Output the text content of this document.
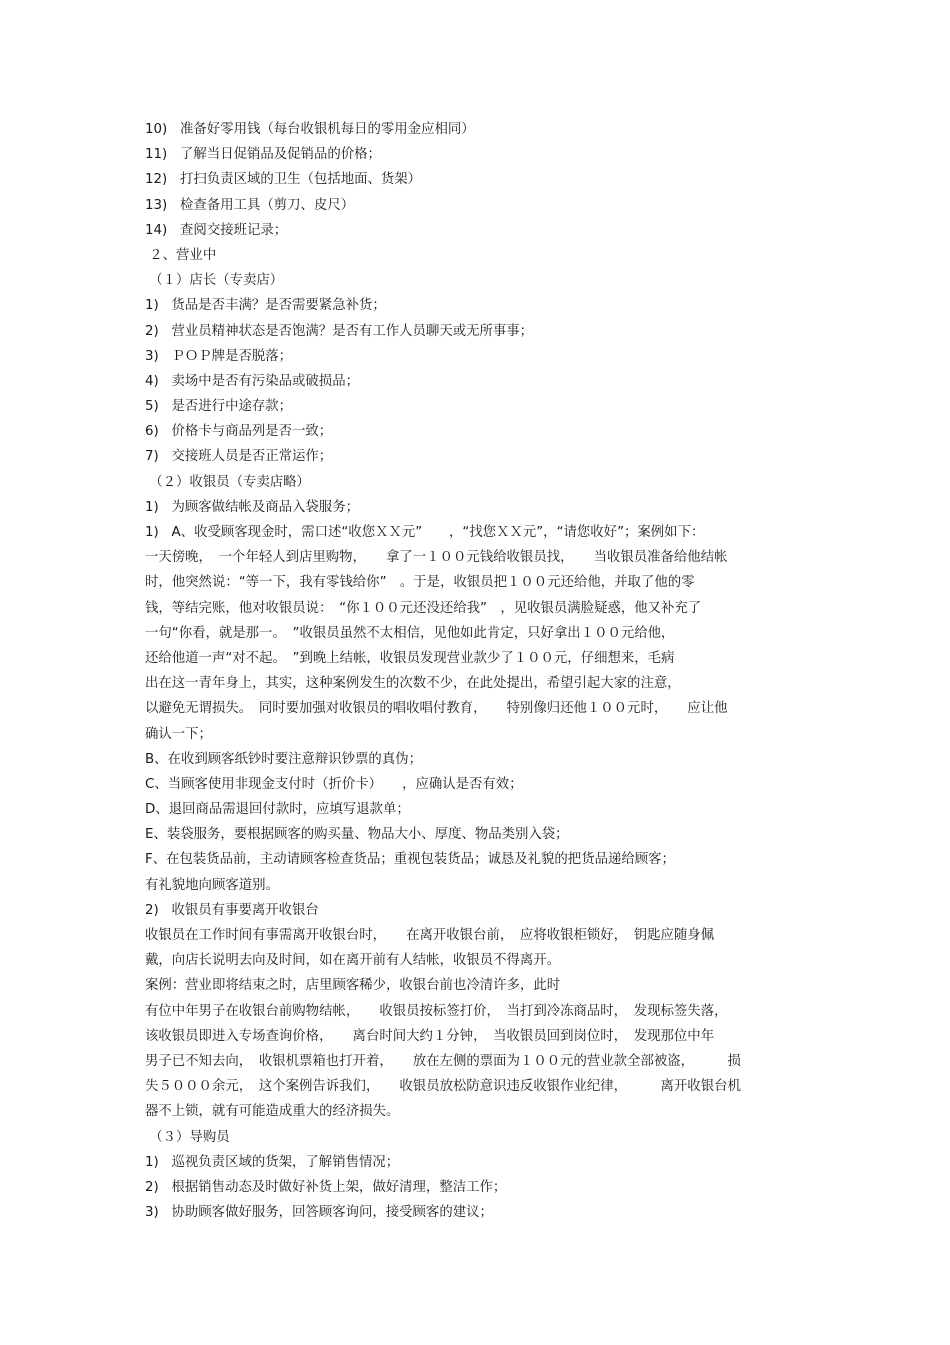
10)   准备好零用钱（每台收银机每日的零用金应相同）
11)   了解当日促销品及促销品的价格；
12)   打扫负责区域的卫生（包括地面、货架）
13)   检查备用工具（剪刀、皮尺）
14)   查阅交接班记录；
２、营业中
（１）店长（专卖店）
1)   货品是否丰满？是否需要紧急补货；
2)   营业员精神状态是否饱满？是否有工作人员聊天或无所事事；
3)   ＰＯＰ牌是否脱落；
4)   卖场中是否有污染品或破损品；
5)   是否进行中途存款；
6)   价格卡与商品列是否一致；
7)   交接班人员是否正常运作；
（２）收银员（专卖店略）
1)   为顾客做结帐及商品入袋服务；
1)   A、收受顾客现金时，需口述“收您ＸＸ元”　　，“找您ＸＸ元”，“请您收好”；案例如下：
一天傍晚，　一个年轻人到店里购物，　　拿了一１００元钱给收银员找，　　当收银员准备给他结帐
时，他突然说：“等一下，我有零钱给你”　。于是，收银员把１００元还给他，并取了他的零
钱，等结完账，他对收银员说：　“你１００元还没还给我”　，见收银员满脸疑惑，他又补充了
一句“你看，就是那一。　”收银员虽然不太相信，见他如此肯定，只好拿出１００元给他，
还给他道一声“对不起。　”到晚上结帐，收银员发现营业款少了１００元，仔细想来，毛病
出在这一青年身上，其实，这种案例发生的次数不少，在此处提出，希望引起大家的注意，
以避免无谓损失。　同时要加强对收银员的唱收唱付教育，　　特别像归还他１００元时，　　应让他
确认一下；
B、在收到顾客纸钞时要注意辩识钞票的真伪；
C、当顾客使用非现金支付时（折价卡）　　，应确认是否有效；
D、退回商品需退回付款时，应填写退款单；
E、装袋服务，要根据顾客的购买量、物品大小、厚度、物品类别入袋；
F、在包装货品前，主动请顾客检查货品；重视包装货品；诚恳及礼貌的把货品递给顾客；
有礼貌地向顾客道别。
2)   收银员有事要离开收银台
收银员在工作时间有事需离开收银台时，　　在离开收银台前，　应将收银柜锁好，　钥匙应随身佩
戴，向店长说明去向及时间，如在离开前有人结帐，收银员不得离开。
案例：营业即将结束之时，店里顾客稀少，收银台前也冷清许多，此时
有位中年男子在收银台前购物结帐，　　收银员按标签打价，　当打到冷冻商品时，　发现标签失落，
该收银员即进入专场查询价格，　　离台时间大约１分钟，　当收银员回到岗位时，　发现那位中年
男子已不知去向，　收银机票箱也打开着，　　放在左侧的票面为１００元的营业款全部被盗，　　　损
失５０００余元，　这个案例告诉我们，　　收银员放松防意识违反收银作业纪律，　　　离开收银台机
器不上锁，就有可能造成重大的经济损失。
（３）导购员
1)   巡视负责区域的货架，了解销售情况；
2)   根据销售动态及时做好补货上架，做好清理，整洁工作；
3)   协助顾客做好服务，回答顾客询问，接受顾客的建议；
